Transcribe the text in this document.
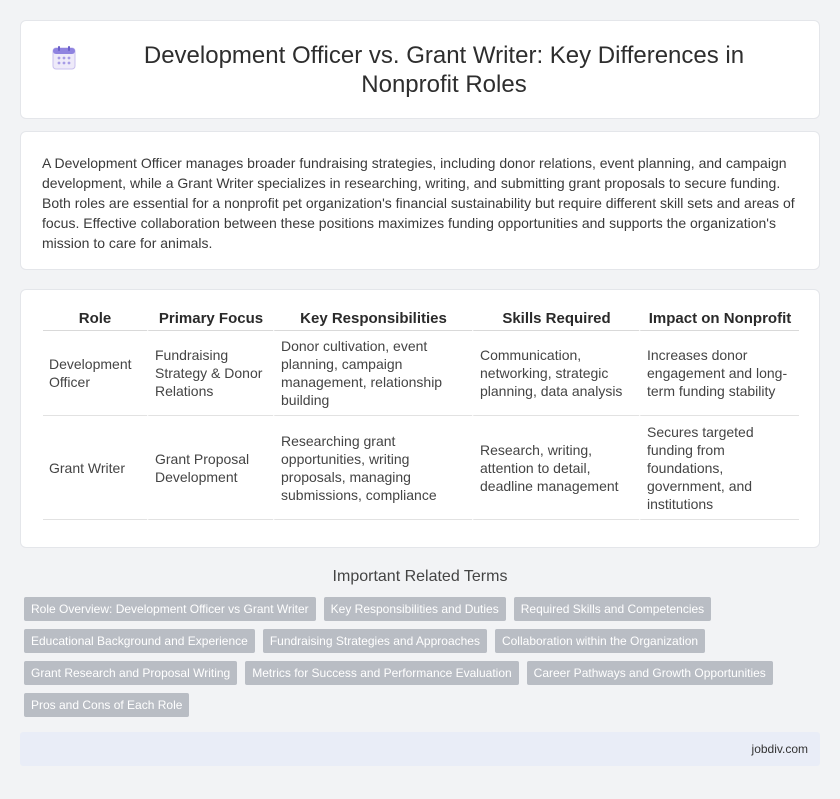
Development Officer vs. Grant Writer: Key Differences in Nonprofit Roles

A Development Officer manages broader fundraising strategies, including donor relations, event planning, and campaign development, while a Grant Writer specializes in researching, writing, and submitting grant proposals to secure funding. Both roles are essential for a nonprofit pet organization's financial sustainability but require different skill sets and areas of focus. Effective collaboration between these positions maximizes funding opportunities and supports the organization's mission to care for animals.

Role	Primary Focus	Key Responsibilities	Skills Required	Impact on Nonprofit
Development Officer	Fundraising Strategy & Donor Relations	Donor cultivation, event planning, campaign management, relationship building	Communication, networking, strategic planning, data analysis	Increases donor engagement and long-term funding stability
Grant Writer	Grant Proposal Development	Researching grant opportunities, writing proposals, managing submissions, compliance	Research, writing, attention to detail, deadline management	Secures targeted funding from foundations, government, and institutions
Important Related Terms
Role Overview: Development Officer vs Grant Writer	Key Responsibilities and Duties	Required Skills and Competencies
Educational Background and Experience	Fundraising Strategies and Approaches	Collaboration within the Organization
Grant Research and Proposal Writing	Metrics for Success and Performance Evaluation	Career Pathways and Growth Opportunities
Pros and Cons of Each Role
jobdiv.com
